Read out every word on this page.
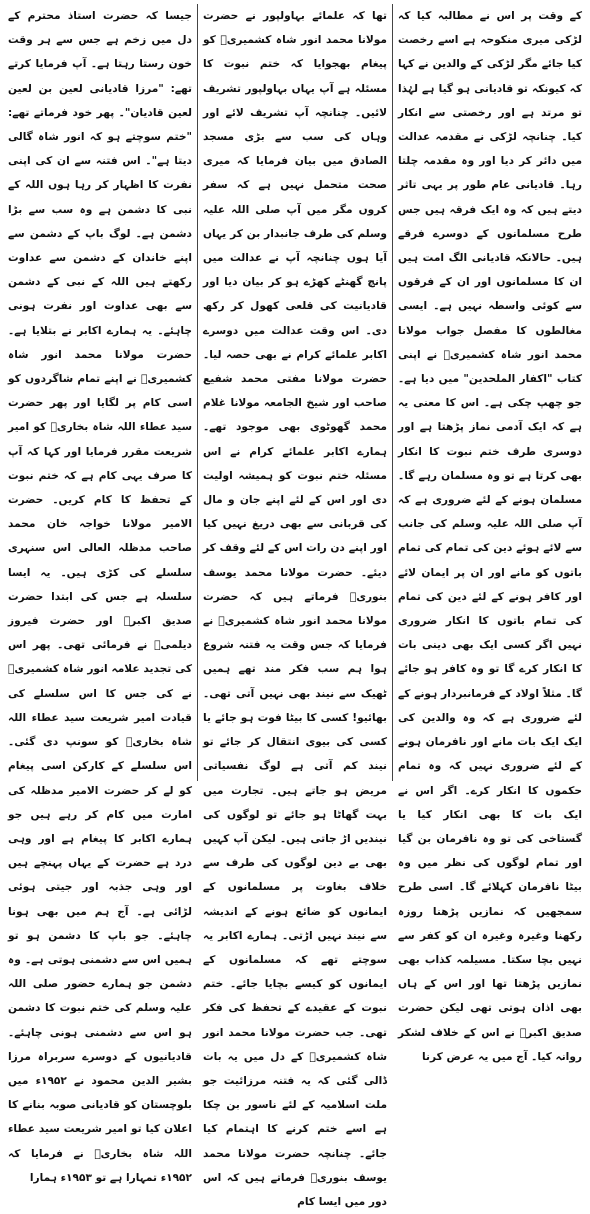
کے وقت پر اس نے مطالبہ کیا کہ لڑکی میری منکوحہ ہے اسے رخصت کیا جائے مگر لڑکی کے والدین نے کہا کہ کیونکہ تو قادیانی ہو گیا ہے لہٰذا تو مرتد ہے اور رخصتی سے انکار کیا۔ چنانچہ لڑکی نے مقدمہ عدالت میں دائر کر دیا اور وہ مقدمہ چلتا رہا۔ قادیانی عام طور پر یہی تاثر دیتے ہیں کہ وہ ایک فرقہ ہیں جس طرح مسلمانوں کے دوسرے فرقے ہیں۔ حالانکہ قادیانی الگ امت ہیں ان کا مسلمانوں اور ان کے فرقوں سے کوئی واسطہ نہیں ہے۔ ایسی مغالطوں کا مفصل جواب مولانا محمد انور شاہ کشمیریؒ نے اپنی کتاب "اکفار الملحدین" میں دیا ہے۔ جو چھپ چکی ہے۔ اس کا معنی یہ ہے کہ ایک آدمی نماز پڑھتا ہے اور دوسری طرف ختم نبوت کا انکار بھی کرتا ہے تو وہ مسلمان رہے گا۔ مسلمان ہونے کے لئے ضروری ہے کہ آپ صلی اللہ علیہ وسلم کی جانب سے لائے ہوئے دین کی تمام کی تمام باتوں کو مانے اور ان پر ایمان لائے اور کافر ہونے کے لئے دین کی تمام کی تمام باتوں کا انکار ضروری نہیں اگر کسی ایک بھی دینی بات کا انکار کرے گا تو وہ کافر ہو جائے گا۔ مثلاً اولاد کے فرمانبردار ہونے کے لئے ضروری ہے کہ وہ والدین کی ایک ایک بات مانے اور نافرمان ہونے کے لئے ضروری نہیں کہ وہ تمام حکموں کا انکار کرے۔ اگر اس نے ایک بات کا بھی انکار کیا یا گستاخی کی تو وہ نافرمان بن گیا اور تمام لوگوں کی نظر میں وہ بیٹا نافرمان کہلائے گا۔ اسی طرح سمجھیں کہ نمازیں پڑھنا روزہ رکھنا وغیرہ وغیرہ ان کو کفر سے نہیں بچا سکتا۔ مسیلمہ کذاب بھی نمازیں پڑھتا تھا اور اس کے ہاں بھی اذان ہوتی تھی لیکن حضرت صدیق اکبرؓ نے اس کے خلاف لشکر روانہ کیا۔ آج میں یہ عرض کرنا

تھا کہ علمائے بہاولپور نے حضرت مولانا محمد انور شاہ کشمیریؒ کو پیغام بھجوایا کہ ختم نبوت کا مسئلہ ہے آپ یہاں بہاولپور تشریف لائیں۔ چنانچہ آپ تشریف لائے اور وہاں کی سب سے بڑی مسجد الصادق میں بیان فرمایا کہ میری صحت متحمل نہیں ہے کہ سفر کروں مگر میں آپ صلی اللہ علیہ وسلم کی طرف جانبدار بن کر یہاں آیا ہوں چنانچہ آپ نے عدالت میں پانچ گھنٹے کھڑے ہو کر بیان دیا اور قادیانیت کی قلعی کھول کر رکھ دی۔ اس وقت عدالت میں دوسرے اکابر علمائے کرام نے بھی حصہ لیا۔ حضرت مولانا مفتی محمد شفیع صاحب اور شیخ الجامعہ مولانا غلام محمد گھوٹوی بھی موجود تھے۔ ہمارے اکابر علمائے کرام نے اس مسئلہ ختم نبوت کو ہمیشہ اولیت دی اور اس کے لئے اپنے جان و مال کی قربانی سے بھی دریغ نہیں کیا اور اپنے دن رات اس کے لئے وقف کر دیئے۔ حضرت مولانا محمد یوسف بنوریؒ فرماتے ہیں کہ حضرت مولانا محمد انور شاہ کشمیریؒ نے فرمایا کہ جس وقت یہ فتنہ شروع ہوا ہم سب فکر مند تھے ہمیں ٹھیک سے نیند بھی نہیں آتی تھی۔ بھائیو! کسی کا بیٹا فوت ہو جائے یا کسی کی بیوی انتقال کر جائے تو نیند کم آتی ہے لوگ نفسیاتی مریض ہو جاتے ہیں۔ تجارت میں بہت گھاٹا ہو جائے تو لوگوں کی نیندیں اڑ جاتی ہیں۔ لیکن آپ کہیں بھی بے دین لوگوں کی طرف سے خلاف بغاوت پر مسلمانوں کے ایمانوں کو ضائع ہونے کے اندیشہ سے نیند نہیں اڑتی۔ ہمارے اکابر یہ سوچتے تھے کہ مسلمانوں کے ایمانوں کو کیسے بچایا جائے۔ ختم نبوت کے عقیدے کے تحفظ کی فکر تھی۔ جب حضرت مولانا محمد انور شاہ کشمیریؒ کے دل میں یہ بات ڈالی گئی کہ یہ فتنہ مرزائیت جو ملت اسلامیہ کے لئے ناسور بن چکا ہے اسے ختم کرنے کا اہتمام کیا جائے۔ چنانچہ حضرت مولانا محمد یوسف بنوریؒ فرماتے ہیں کہ اس دور میں ایسا کام

جیسا کہ حضرت استاذ محترم کے دل میں زخم ہے جس سے ہر وقت خون رستا رہتا ہے۔ آپ فرمایا کرتے تھے: "مرزا قادیانی لعین بن لعین لعین قادیان"۔ پھر خود فرماتے تھے: "ختم سوچتے ہو کہ انور شاہ گالی دیتا ہے"۔ اس فتنہ سے ان کی اپنی نفرت کا اظہار کر رہا ہوں اللہ کے نبی کا دشمن ہے وہ سب سے بڑا دشمن ہے۔ لوگ باپ کے دشمن سے اپنے خاندان کے دشمن سے عداوت رکھتے ہیں اللہ کے نبی کے دشمن سے بھی عداوت اور نفرت ہونی چاہئے۔ یہ ہمارے اکابر نے بتلایا ہے۔ حضرت مولانا محمد انور شاہ کشمیریؒ نے اپنے تمام شاگردوں کو اسی کام پر لگایا اور پھر حضرت سید عطاء اللہ شاہ بخاریؒ کو امیر شریعت مقرر فرمایا اور کہا کہ آپ کا صرف یہی کام ہے کہ ختم نبوت کے تحفظ کا کام کریں۔ حضرت الامیر مولانا خواجہ خان محمد صاحب مدظلہ العالی اس سنہری سلسلے کی کڑی ہیں۔ یہ ایسا سلسلہ ہے جس کی ابتدا حضرت صدیق اکبرؓ اور حضرت فیروز دیلمیؓ نے فرمائی تھی۔ پھر اس کی تجدید علامہ انور شاہ کشمیریؒ نے کی جس کا اس سلسلے کی قیادت امیر شریعت سید عطاء اللہ شاہ بخاریؒ کو سونپ دی گئی۔ اس سلسلے کے کارکن اسی پیغام کو لے کر حضرت الامیر مدظلہ کی امارت میں کام کر رہے ہیں جو ہمارے اکابر کا پیغام ہے اور وہی درد ہے حضرت کے یہاں پہنچے ہیں اور وہی جذبہ اور جیتی ہوئی لڑائی ہے۔ آج ہم میں بھی ہونا چاہئے۔ جو باپ کا دشمن ہو تو ہمیں اس سے دشمنی ہوتی ہے۔ وہ دشمن جو ہمارے حضور صلی اللہ علیہ وسلم کی ختم نبوت کا دشمن ہو اس سے دشمنی ہونی چاہئے۔ قادیانیوں کے دوسرے سربراہ مرزا بشیر الدین محمود نے ۱۹۵۲ء میں بلوچستان کو قادیانی صوبہ بنانے کا اعلان کیا تو امیر شریعت سید عطاء اللہ شاہ بخاریؒ نے فرمایا کہ ۱۹۵۲ء تمہارا ہے تو ۱۹۵۳ء ہمارا
